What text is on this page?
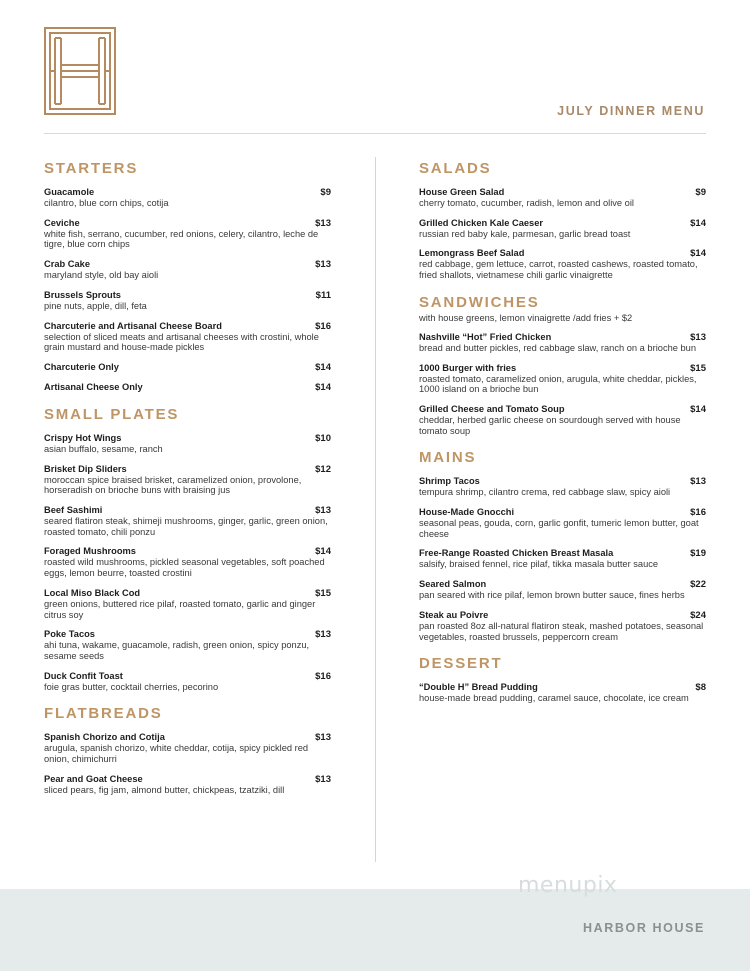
JULY DINNER MENU
STARTERS
Guacamole	$9
cilantro, blue corn chips, cotija
Ceviche	$13
white fish, serrano, cucumber, red onions, celery, cilantro, leche de tigre, blue corn chips
Crab Cake	$13
maryland style, old bay aioli
Brussels Sprouts	$11
pine nuts, apple, dill, feta
Charcuterie and Artisanal Cheese Board	$16
selection of sliced meats and artisanal cheeses with crostini, whole grain mustard and house-made pickles
Charcuterie Only	$14
Artisanal Cheese Only	$14
SMALL PLATES
Crispy Hot Wings	$10
asian buffalo, sesame, ranch
Brisket Dip Sliders	$12
moroccan spice braised brisket, caramelized onion, provolone, horseradish on brioche buns with braising jus
Beef Sashimi	$13
seared flatiron steak, shimeji mushrooms, ginger, garlic, green onion, roasted tomato, chili ponzu
Foraged Mushrooms	$14
roasted wild mushrooms, pickled seasonal vegetables, soft poached eggs, lemon beurre, toasted crostini
Local Miso Black Cod	$15
green onions, buttered rice pilaf, roasted tomato, garlic and ginger citrus soy
Poke Tacos	$13
ahi tuna, wakame, guacamole, radish, green onion, spicy ponzu, sesame seeds
Duck Confit Toast	$16
foie gras butter, cocktail cherries, pecorino
FLATBREADS
Spanish Chorizo and Cotija	$13
arugula, spanish chorizo, white cheddar, cotija, spicy pickled red onion, chimichurri
Pear and Goat Cheese	$13
sliced pears, fig jam, almond butter, chickpeas, tzatziki, dill
SALADS
House Green Salad	$9
cherry tomato, cucumber, radish, lemon and olive oil
Grilled Chicken Kale Caeser	$14
russian red baby kale, parmesan, garlic bread toast
Lemongrass Beef Salad	$14
red cabbage, gem lettuce, carrot, roasted cashews, roasted tomato, fried shallots, vietnamese chili garlic vinaigrette
SANDWICHES
with house greens, lemon vinaigrette /add fries + $2
Nashville “Hot” Fried Chicken	$13
bread and butter pickles, red cabbage slaw, ranch on a brioche bun
1000 Burger with fries	$15
roasted tomato, caramelized onion, arugula, white cheddar, pickles, 1000 island on a brioche bun
Grilled Cheese and Tomato Soup	$14
cheddar, herbed garlic cheese on sourdough served with house tomato soup
MAINS
Shrimp Tacos	$13
tempura shrimp, cilantro crema, red cabbage slaw, spicy aioli
House-Made Gnocchi	$16
seasonal peas, gouda, corn, garlic gonfit, tumeric lemon butter, goat cheese
Free-Range Roasted Chicken Breast Masala	$19
salsify, braised fennel, rice pilaf, tikka masala butter sauce
Seared Salmon	$22
pan seared with rice pilaf, lemon brown butter sauce, fines herbs
Steak au Poivre	$24
pan roasted 8oz all-natural flatiron steak, mashed potatoes, seasonal vegetables, roasted brussels, peppercorn cream
DESSERT
“Double H” Bread Pudding	$8
house-made bread pudding, caramel sauce, chocolate, ice cream
HARBOR HOUSE
menupix
